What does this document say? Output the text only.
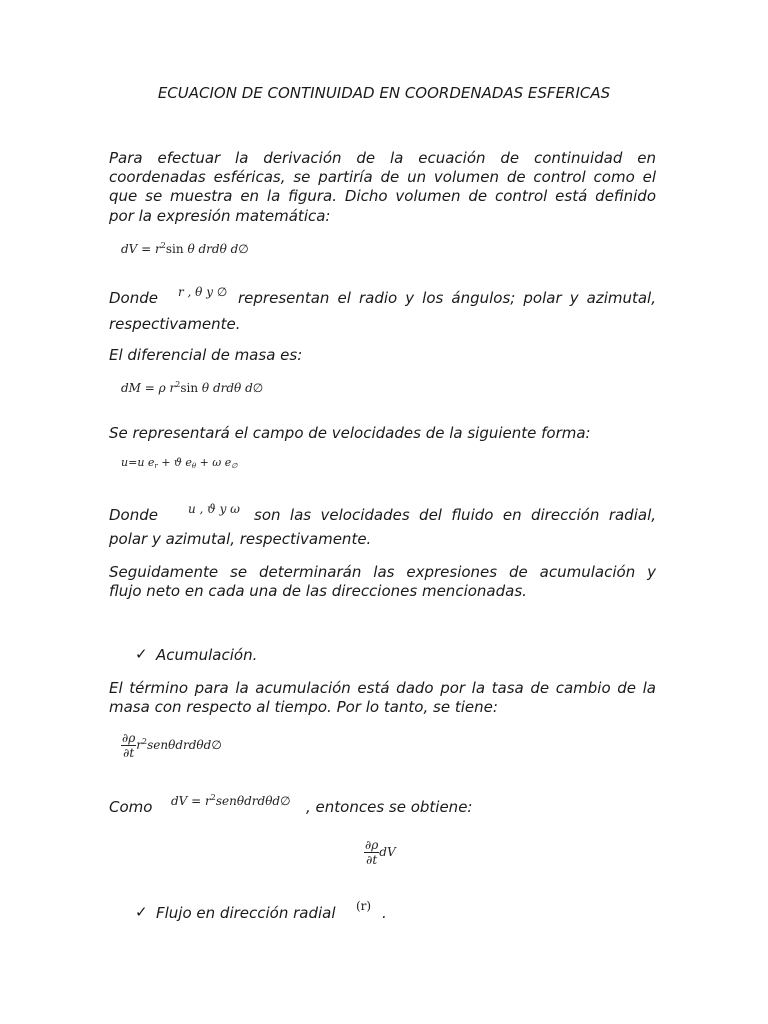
ECUACION DE CONTINUIDAD EN COORDENADAS ESFERICAS
Para efectuar la derivación de la ecuación de continuidad en
coordenadas esféricas, se partiría de un volumen de control como el
que se muestra en la figura. Dicho volumen de control está definido
por la expresión matemática:
dV = $r^2\sin$ θ drdθ d∅
Donde r , θ y ∅ representan el radio y los ángulos; polar y azimutal,
respectivamente.
El diferencial de masa es:
dM = ρ $r^2\sin$ θ drdθ d∅
Se representará el campo de velocidades de la siguiente forma:
u=u $e_r + ϑ$ $e_\theta + \omega$ $e_\emptyset$
Donde	u , ϑ y ω son las velocidades del fluido en dirección radial,
polar y azimutal, respectivamente.
Seguidamente se determinarán las expresiones de acumulación y
flujo neto en cada una de las direcciones mencionadas.
✓ Acumulación.
El término para la acumulación está dado por la tasa de cambio de la
masa con respecto al tiempo. Por lo tanto, se tiene:
$\frac{\partial\rho}{\partial t}$ $r^2sen\theta drd\theta d\emptyset$
Como dV = $r^2sen\theta drd\theta d\emptyset$ , entonces se obtiene:
$\frac{\partial\rho}{\partial t}$ dV
✓ Flujo en dirección radial (r) .
